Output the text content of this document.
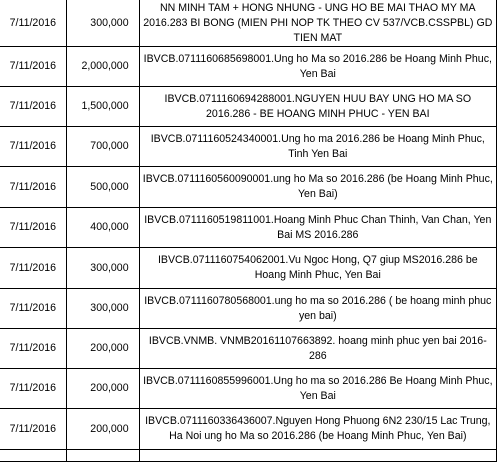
7/11/2016	300,000	NN MINH TAM + HONG NHUNG - UNG HO BE MAI THAO MY MA 2016.283 BI BONG (MIEN PHI NOP TK THEO CV 537/VCB.CSSPBL) GD TIEN MAT
7/11/2016	2,000,000	IBVCB.0711160685698001.Ung ho Ma so 2016.286 be Hoang Minh Phuc, Yen Bai
7/11/2016	1,500,000	IBVCB.0711160694288001.NGUYEN HUU BAY UNG HO MA SO 2016.286 - BE HOANG MINH PHUC - YEN BAI
7/11/2016	700,000	IBVCB.0711160524340001.Ung ho ma 2016.286 be Hoang Minh Phuc, Tinh Yen Bai
7/11/2016	500,000	IBVCB.0711160560090001.ung ho Ma so 2016.286 (be Hoang Minh Phuc, Yen Bai)
7/11/2016	400,000	IBVCB.0711160519811001.Hoang Minh Phuc Chan Thinh, Van Chan, Yen Bai MS 2016.286
7/11/2016	300,000	IBVCB.0711160754062001.Vu Ngoc Hong, Q7 giup MS2016.286 be Hoang Minh Phuc, Yen Bai
7/11/2016	300,000	IBVCB.0711160780568001.ung ho ma so 2016.286 ( be hoang minh phuc yen bai)
7/11/2016	200,000	IBVCB.VNMB. VNMB20161107663892. hoang minh phuc yen bai 2016-286
7/11/2016	200,000	IBVCB.0711160855996001.Ung ho ma so 2016.286 Be Hoang Minh Phuc, Yen Bai
7/11/2016	200,000	IBVCB.0711160336436007.Nguyen Hong Phuong 6N2 230/15 Lac Trung, Ha Noi ung ho Ma so 2016.286 (be Hoang Minh Phuc, Yen Bai)
